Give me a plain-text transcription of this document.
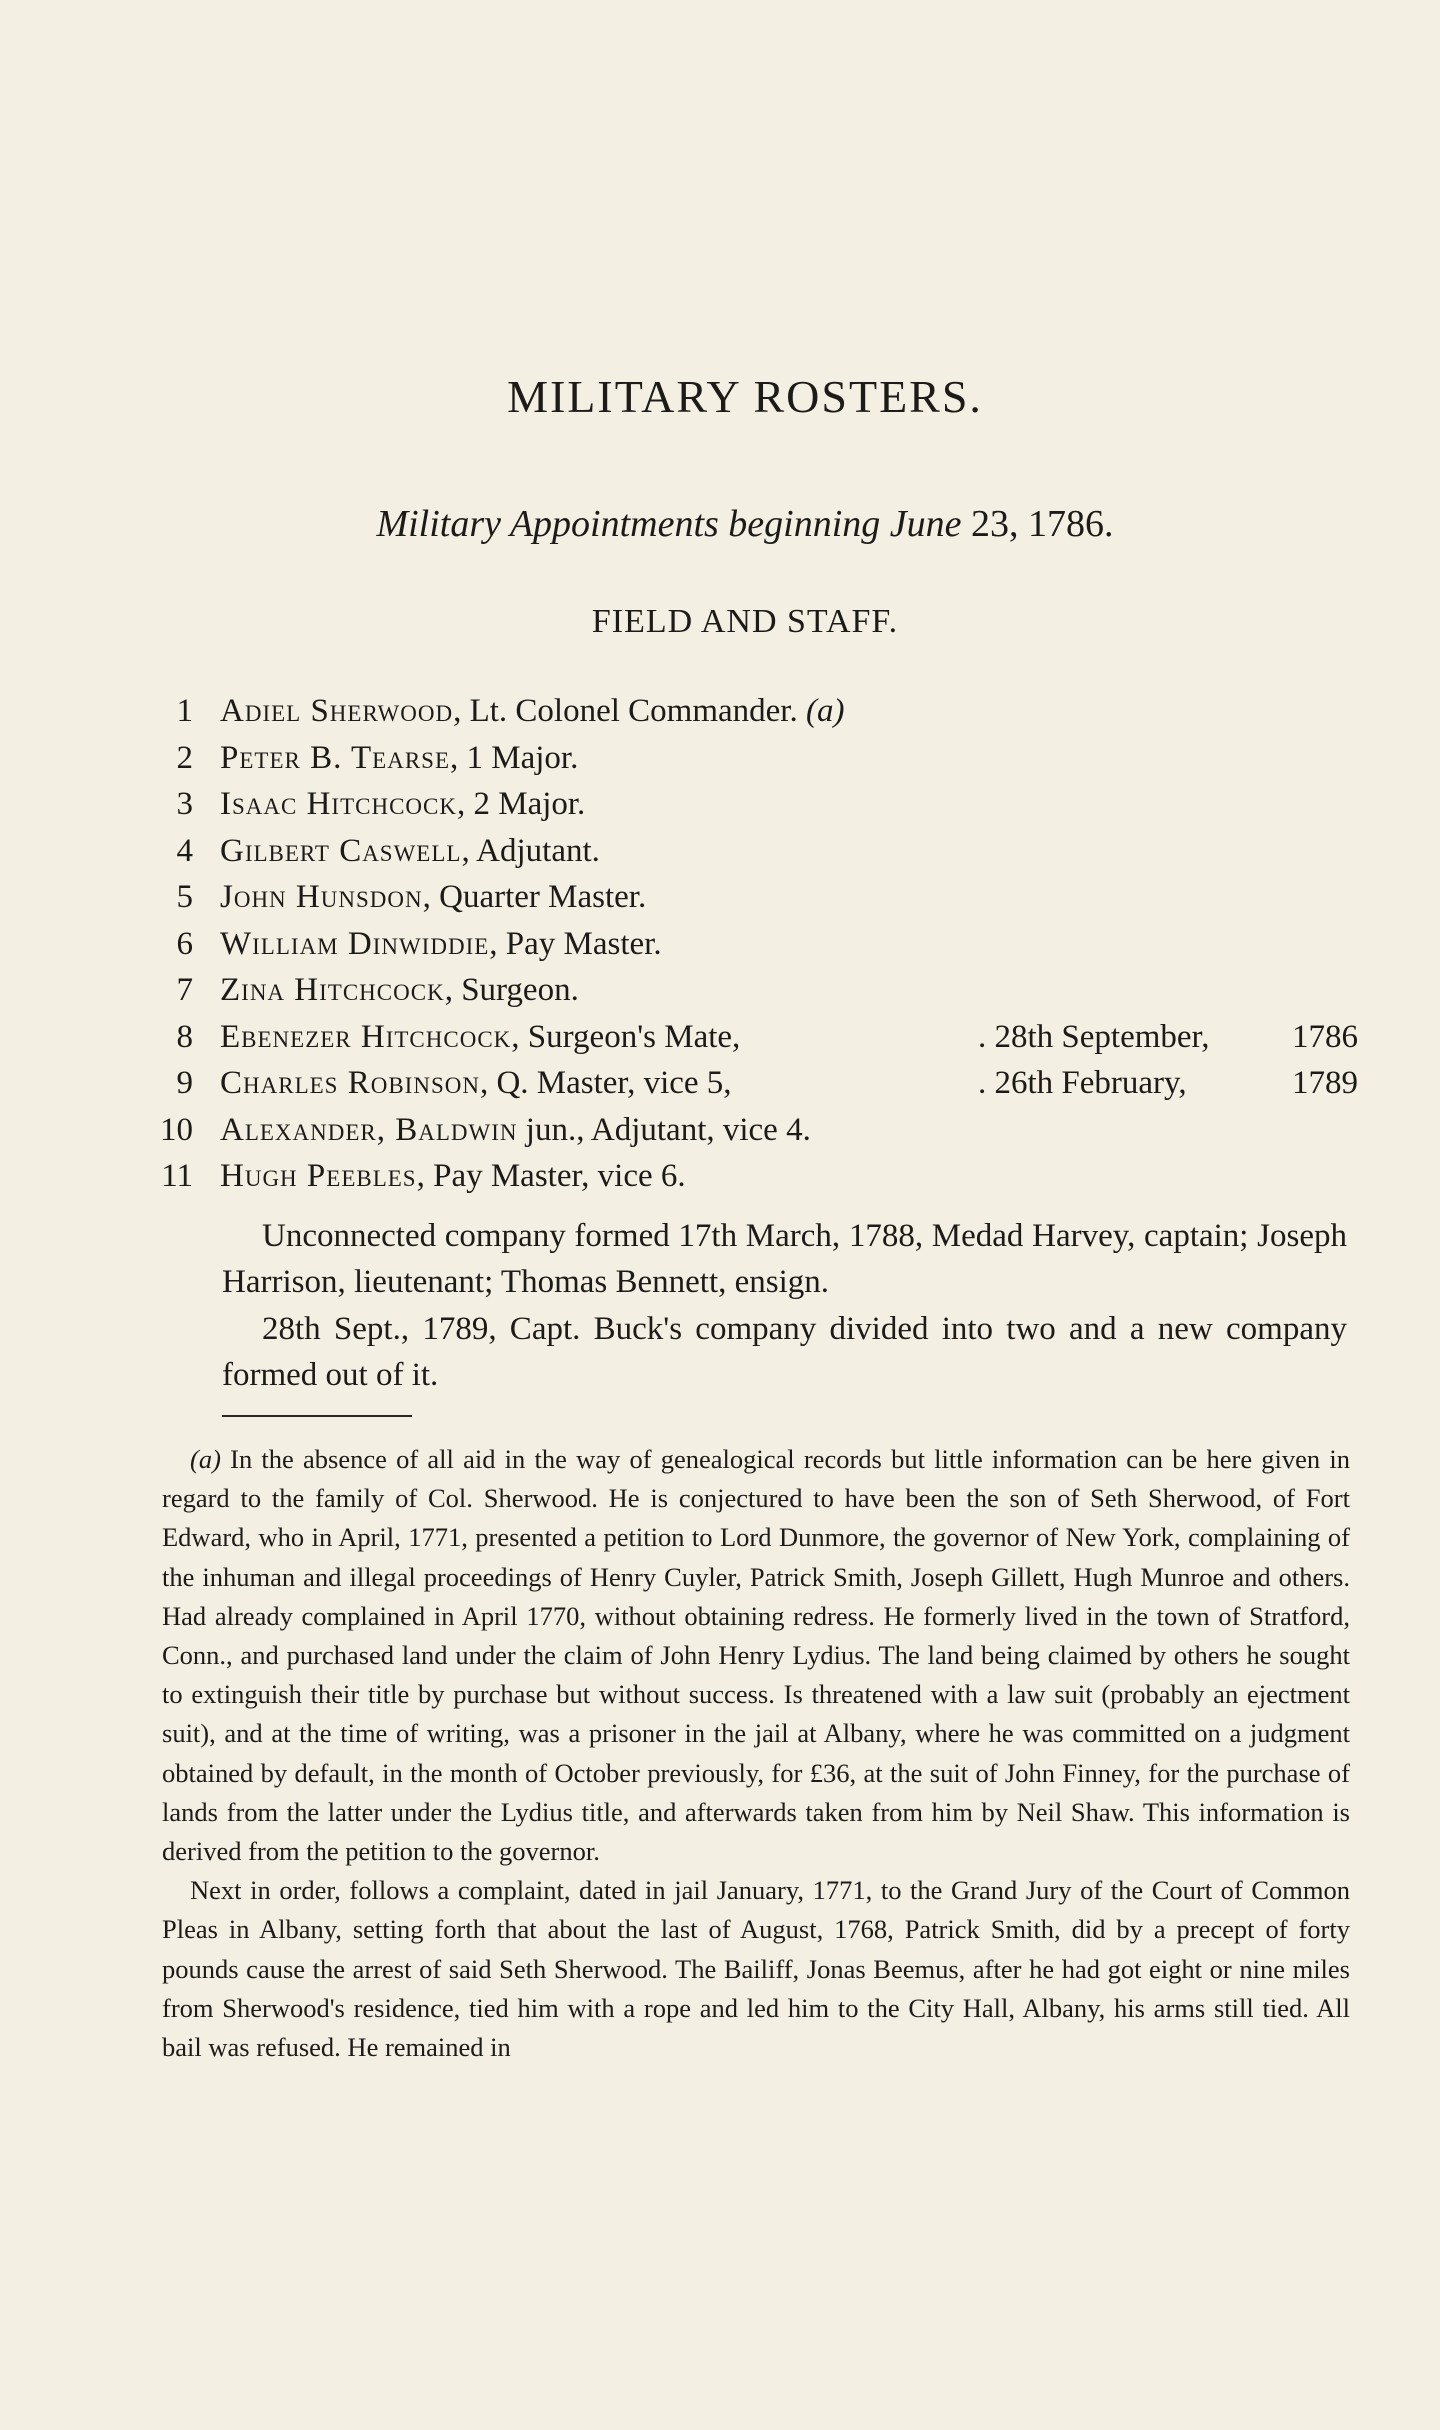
MILITARY ROSTERS.
Military Appointments beginning June 23, 1786.
FIELD AND STAFF.
1 Adiel Sherwood, Lt. Colonel Commander. (a)
2 Peter B. Tearse, 1 Major.
3 Isaac Hitchcock, 2 Major.
4 Gilbert Caswell, Adjutant.
5 John Hunsdon, Quarter Master.
6 William Dinwiddie, Pay Master.
7 Zina Hitchcock, Surgeon.
8 Ebenezer Hitchcock, Surgeon's Mate,	. 28th September,	1786
9 Charles Robinson, Q. Master, vice 5,	. 26th February,	1789
10 Alexander, Baldwin jun., Adjutant, vice 4.
11 Hugh Peebles, Pay Master, vice 6.
Unconnected company formed 17th March, 1788, Medad Harvey, captain; Joseph Harrison, lieutenant; Thomas Bennett, ensign.
28th Sept., 1789, Capt. Buck's company divided into two and a new company formed out of it.

(a) In the absence of all aid in the way of genealogical records but little information can be here given in regard to the family of Col. Sherwood. He is conjectured to have been the son of Seth Sherwood, of Fort Edward, who in April, 1771, presented a petition to Lord Dunmore, the governor of New York, complaining of the inhuman and illegal proceedings of Henry Cuyler, Patrick Smith, Joseph Gillett, Hugh Munroe and others. Had already complained in April 1770, without obtaining redress. He formerly lived in the town of Stratford, Conn., and purchased land under the claim of John Henry Lydius. The land being claimed by others he sought to extinguish their title by purchase but without success. Is threatened with a law suit (probably an ejectment suit), and at the time of writing, was a prisoner in the jail at Albany, where he was committed on a judgment obtained by default, in the month of October previously, for £36, at the suit of John Finney, for the purchase of lands from the latter under the Lydius title, and afterwards taken from him by Neil Shaw. This information is derived from the petition to the governor.

Next in order, follows a complaint, dated in jail January, 1771, to the Grand Jury of the Court of Common Pleas in Albany, setting forth that about the last of August, 1768, Patrick Smith, did by a precept of forty pounds cause the arrest of said Seth Sherwood. The Bailiff, Jonas Beemus, after he had got eight or nine miles from Sherwood's residence, tied him with a rope and led him to the City Hall, Albany, his arms still tied. All bail was refused. He remained in
